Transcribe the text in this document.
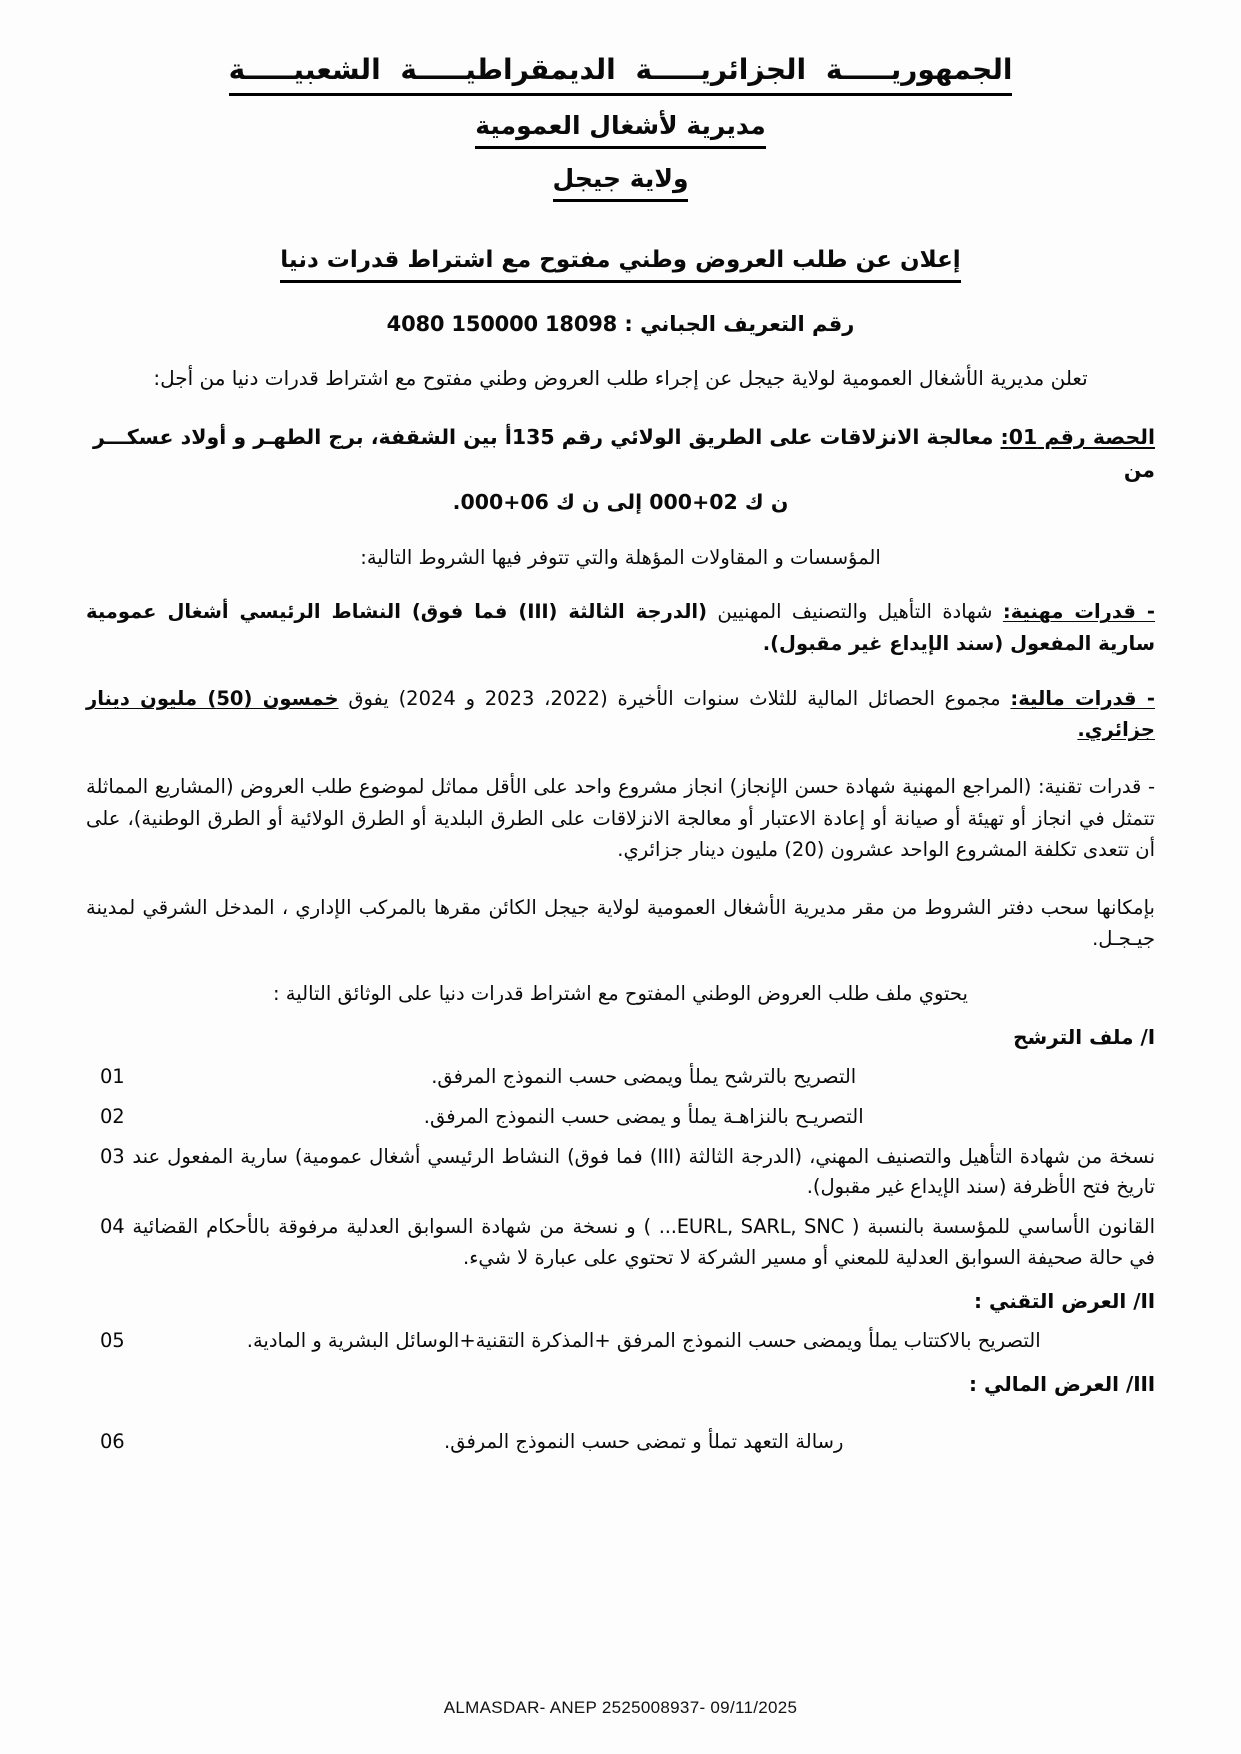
الجمهوريـــــة الجزائريـــــة الديمقراطيـــــة الشعبيـــــة
مديرية لأشغال العمومية
ولاية جيجل
إعلان عن طلب العروض وطني مفتوح مع اشتراط قدرات دنيا
رقم التعريف الجباني : 4080 150000 18098
تعلن مديرية الأشغال العمومية لولاية جيجل عن إجراء طلب العروض وطني مفتوح مع اشتراط قدرات دنيا من أجل:
الحصة رقم 01: معالجة الانزلاقات على الطريق الولائي رقم 135أ بين الشقفة، برج الطهـر و أولاد عسكـــر من
ن ك 02+000 إلى ن ك 06+000.
المؤسسات و المقاولات المؤهلة والتي تتوفر فيها الشروط التالية:
- قدرات مهنية: شهادة التأهيل والتصنيف المهنيين (الدرجة الثالثة (III) فما فوق) النشاط الرئيسي أشغال عمومية سارية المفعول (سند الإيداع غير مقبول).
- قدرات مالية: مجموع الحصائل المالية للثلاث سنوات الأخيرة (2022، 2023 و 2024) يفوق خمسون (50) مليون دينار جزائري.
- قدرات تقنية: (المراجع المهنية شهادة حسن الإنجاز) انجاز مشروع واحد على الأقل مماثل لموضوع طلب العروض (المشاريع المماثلة تتمثل في انجاز أو تهيئة أو صيانة أو إعادة الاعتبار أو معالجة الانزلاقات على الطرق البلدية أو الطرق الولائية أو الطرق الوطنية)، على أن تتعدى تكلفة المشروع الواحد عشرون (20) مليون دينار جزائري.
بإمكانها سحب دفتر الشروط من مقر مديرية الأشغال العمومية لولاية جيجل الكائن مقرها بالمركب الإداري ، المدخل الشرقي لمدينة جيـجـل.
يحتوي ملف طلب العروض الوطني المفتوح مع اشتراط قدرات دنيا على الوثائق التالية :
I/ ملف الترشح
01	التصريح بالترشح يملأ ويمضى حسب النموذج المرفق.
02	التصريـح بالنزاهـة يملأ و يمضى حسب النموذج المرفق.
03 نسخة من شهادة التأهيل والتصنيف المهني، (الدرجة الثالثة (III) فما فوق) النشاط الرئيسي أشغال عمومية) سارية المفعول عند تاريخ فتح الأظرفة (سند الإيداع غير مقبول).
04 القانون الأساسي للمؤسسة بالنسبة ( EURL, SARL, SNC... ) و نسخة من شهادة السوابق العدلية مرفوقة بالأحكام القضائية في حالة صحيفة السوابق العدلية للمعني أو مسير الشركة لا تحتوي على عبارة لا شيء.
II/ العرض التقني :
05	التصريح بالاكتتاب يملأ ويمضى حسب النموذج المرفق +المذكرة التقنية+الوسائل البشرية و المادية.
III/ العرض المالي :
06	رسالة التعهد تملأ و تمضى حسب النموذج المرفق.
ALMASDAR- ANEP 2525008937- 09/11/2025
